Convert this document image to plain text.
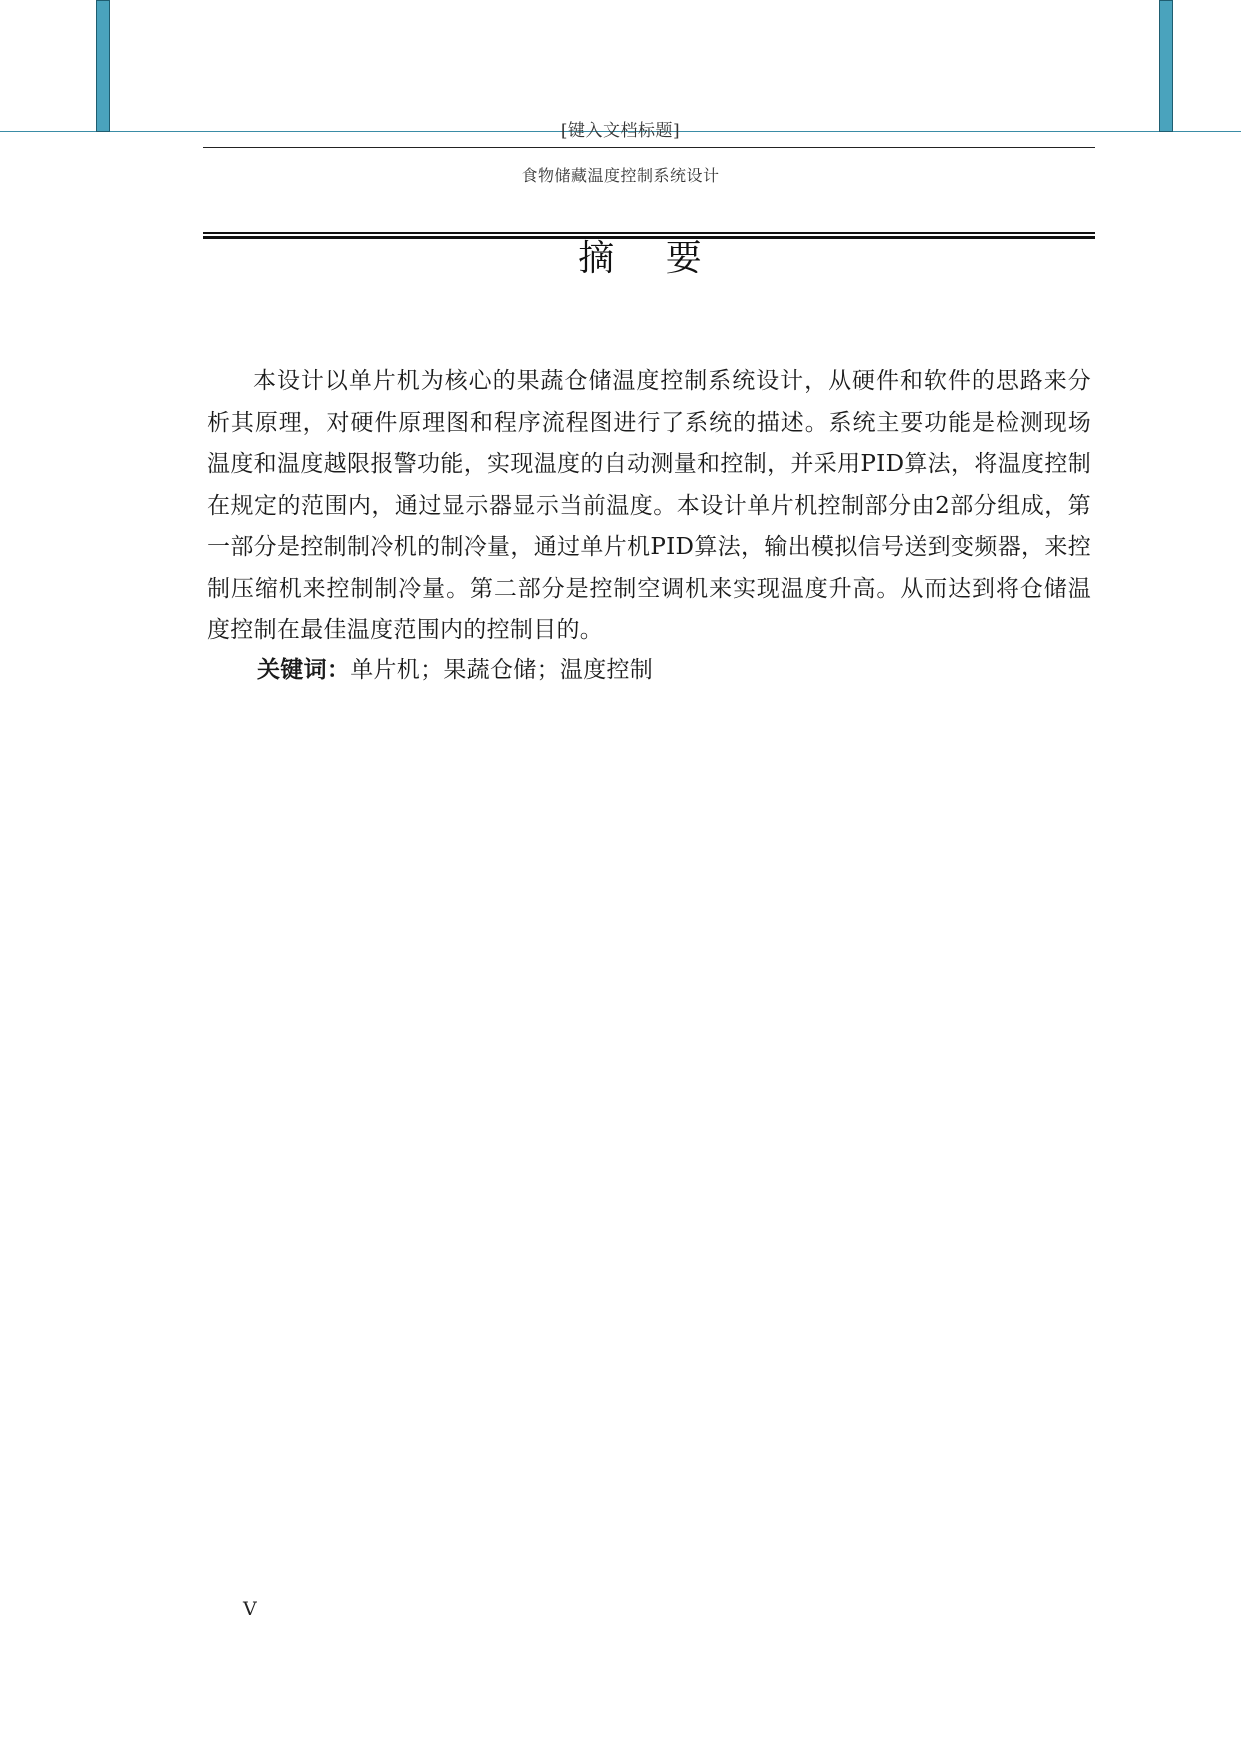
[键入文档标题]
食物储藏温度控制系统设计
摘 要

本设计以单片机为核心的果蔬仓储温度控制系统设计，从硬件和软件的思路来分析其原理，对硬件原理图和程序流程图进行了系统的描述。系统主要功能是检测现场温度和温度越限报警功能，实现温度的自动测量和控制，并采用PID算法，将温度控制在规定的范围内，通过显示器显示当前温度。本设计单片机控制部分由2部分组成，第一部分是控制制冷机的制冷量，通过单片机PID算法，输出模拟信号送到变频器，来控制压缩机来控制制冷量。第二部分是控制空调机来实现温度升高。从而达到将仓储温度控制在最佳温度范围内的控制目的。

关键词：单片机；果蔬仓储；温度控制
V
